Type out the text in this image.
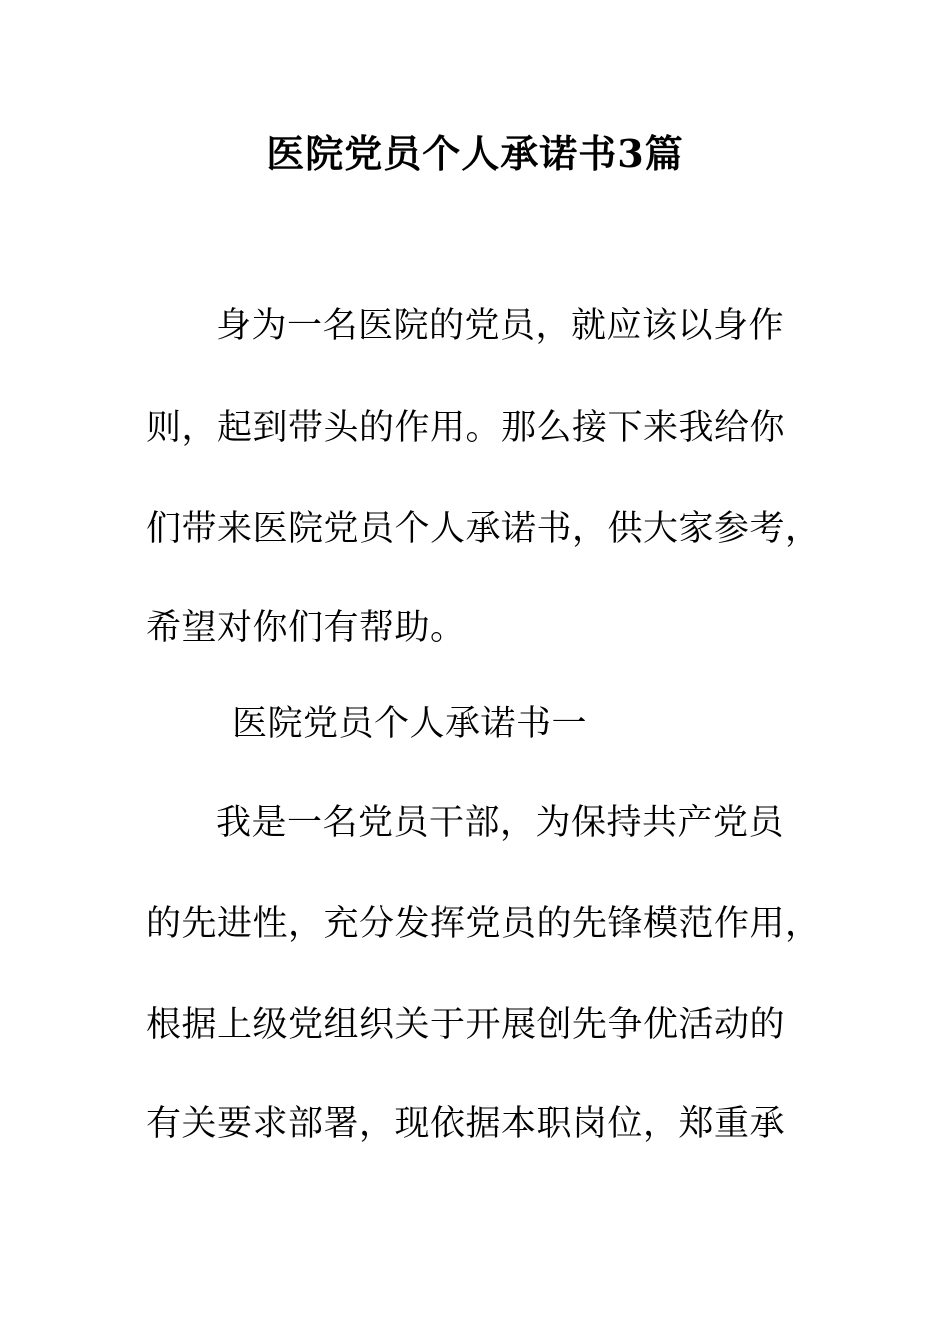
医院党员个人承诺书3篇
身为一名医院的党员，就应该以身作
则，起到带头的作用。那么接下来我给你
们带来医院党员个人承诺书，供大家参考，
希望对你们有帮助。
医院党员个人承诺书一
我是一名党员干部，为保持共产党员
的先进性，充分发挥党员的先锋模范作用，
根据上级党组织关于开展创先争优活动的
有关要求部署，现依据本职岗位，郑重承
